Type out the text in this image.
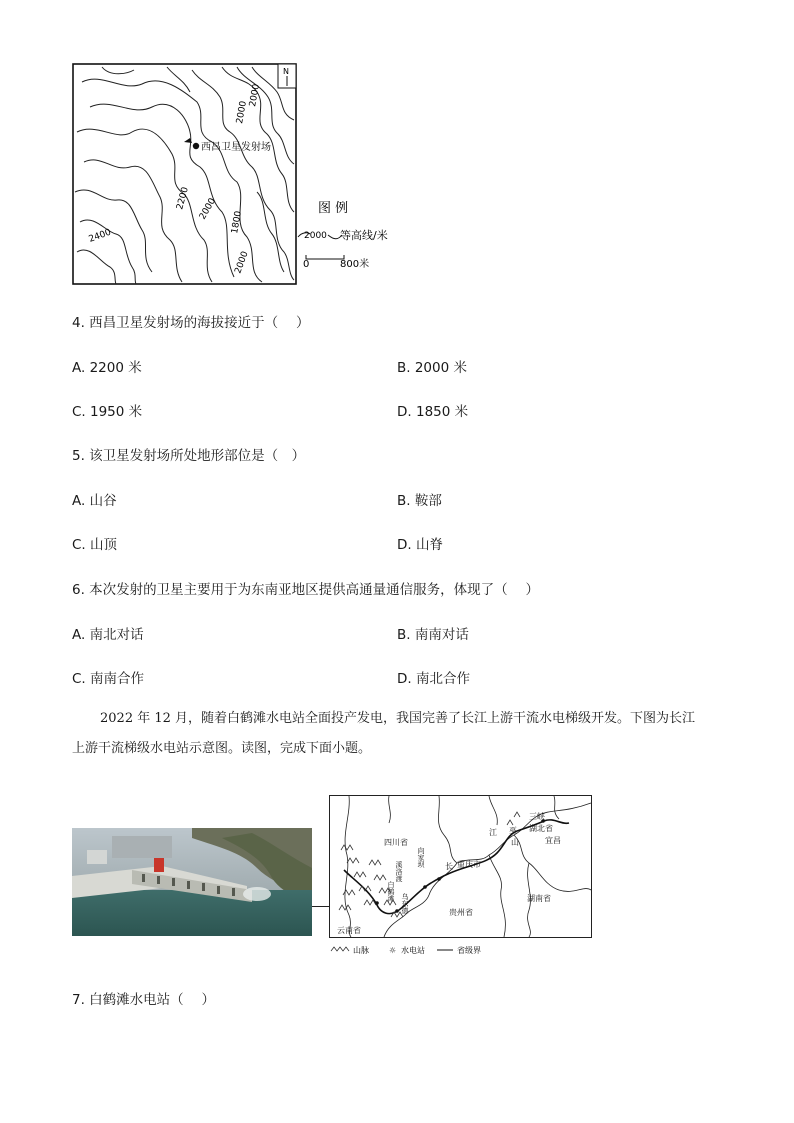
西昌卫星发射场
2000
2000
2200 2000
1800
2000
2400
N
图 例
2000 等高线/米
0	800米
4. 西昌卫星发射场的海拔接近于（　 ）
A. 2200 米	B. 2000 米
C. 1950 米	D. 1850 米
5. 该卫星发射场所处地形部位是（　）
A. 山谷	B. 鞍部
C. 山顶	D. 山脊
6. 本次发射的卫星主要用于为东南亚地区提供高通量通信服务，体现了（　 ）
A. 南北对话	B. 南南对话
C. 南南合作	D. 南北合作
2022 年 12 月，随着白鹤滩水电站全面投产发电，我国完善了长江上游干流水电梯级开发。下图为长江
上游干流梯级水电站示意图。读图，完成下面小题。
四川省
湖北省
湖南省
贵州省
云南省
重庆市
宜昌
三峡
巫
山
江
长
向家坝
溪洛渡
白鹤滩
乌东德
山脉	☼ 水电站	省级界
7. 白鹤滩水电站（　 ）
